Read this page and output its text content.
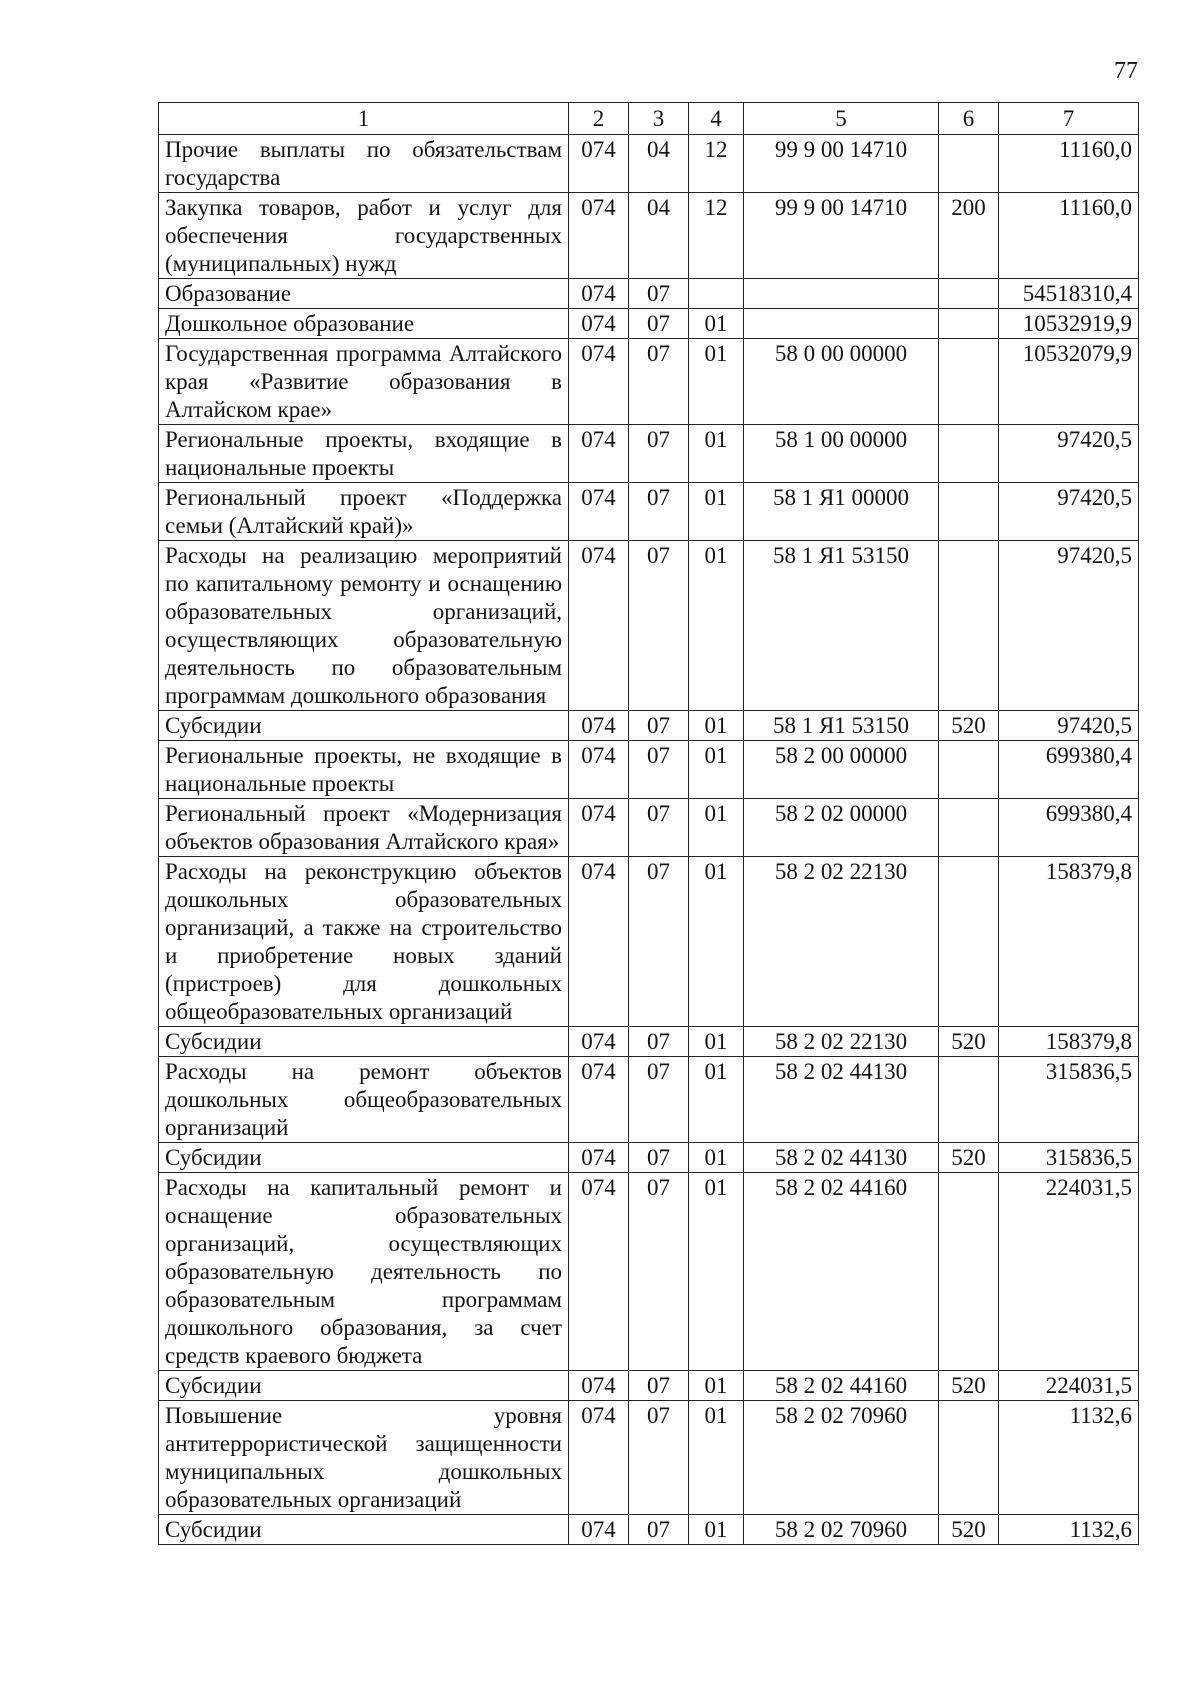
77
1	2	3	4	5	6	7
Прочие выплаты по обязательствам государства	074	04	12	99 9 00 14710		11160,0
Закупка товаров, работ и услуг для обеспечения государственных (муниципальных) нужд	074	04	12	99 9 00 14710	200	11160,0
Образование	074	07				54518310,4
Дошкольное образование	074	07	01			10532919,9
Государственная программа Алтайского края «Развитие образования в Алтайском крае»	074	07	01	58 0 00 00000		10532079,9
Региональные проекты, входящие в национальные проекты	074	07	01	58 1 00 00000		97420,5
Региональный проект «Поддержка семьи (Алтайский край)»	074	07	01	58 1 Я1 00000		97420,5
Расходы на реализацию мероприятий по капитальному ремонту и оснащению образовательных организаций, осуществляющих образовательную деятельность по образовательным программам дошкольного образования	074	07	01	58 1 Я1 53150		97420,5
Субсидии	074	07	01	58 1 Я1 53150	520	97420,5
Региональные проекты, не входящие в национальные проекты	074	07	01	58 2 00 00000		699380,4
Региональный проект «Модернизация объектов образования Алтайского края»	074	07	01	58 2 02 00000		699380,4
Расходы на реконструкцию объектов дошкольных образовательных организаций, а также на строительство и приобретение новых зданий (пристроев) для дошкольных общеобразовательных организаций	074	07	01	58 2 02 22130		158379,8
Субсидии	074	07	01	58 2 02 22130	520	158379,8
Расходы на ремонт объектов дошкольных общеобразовательных организаций	074	07	01	58 2 02 44130		315836,5
Субсидии	074	07	01	58 2 02 44130	520	315836,5
Расходы на капитальный ремонт и оснащение образовательных организаций, осуществляющих образовательную деятельность по образовательным программам дошкольного образования, за счет средств краевого бюджета	074	07	01	58 2 02 44160		224031,5
Субсидии	074	07	01	58 2 02 44160	520	224031,5
Повышение уровня антитеррористической защищенности муниципальных дошкольных образовательных организаций	074	07	01	58 2 02 70960		1132,6
Субсидии	074	07	01	58 2 02 70960	520	1132,6
